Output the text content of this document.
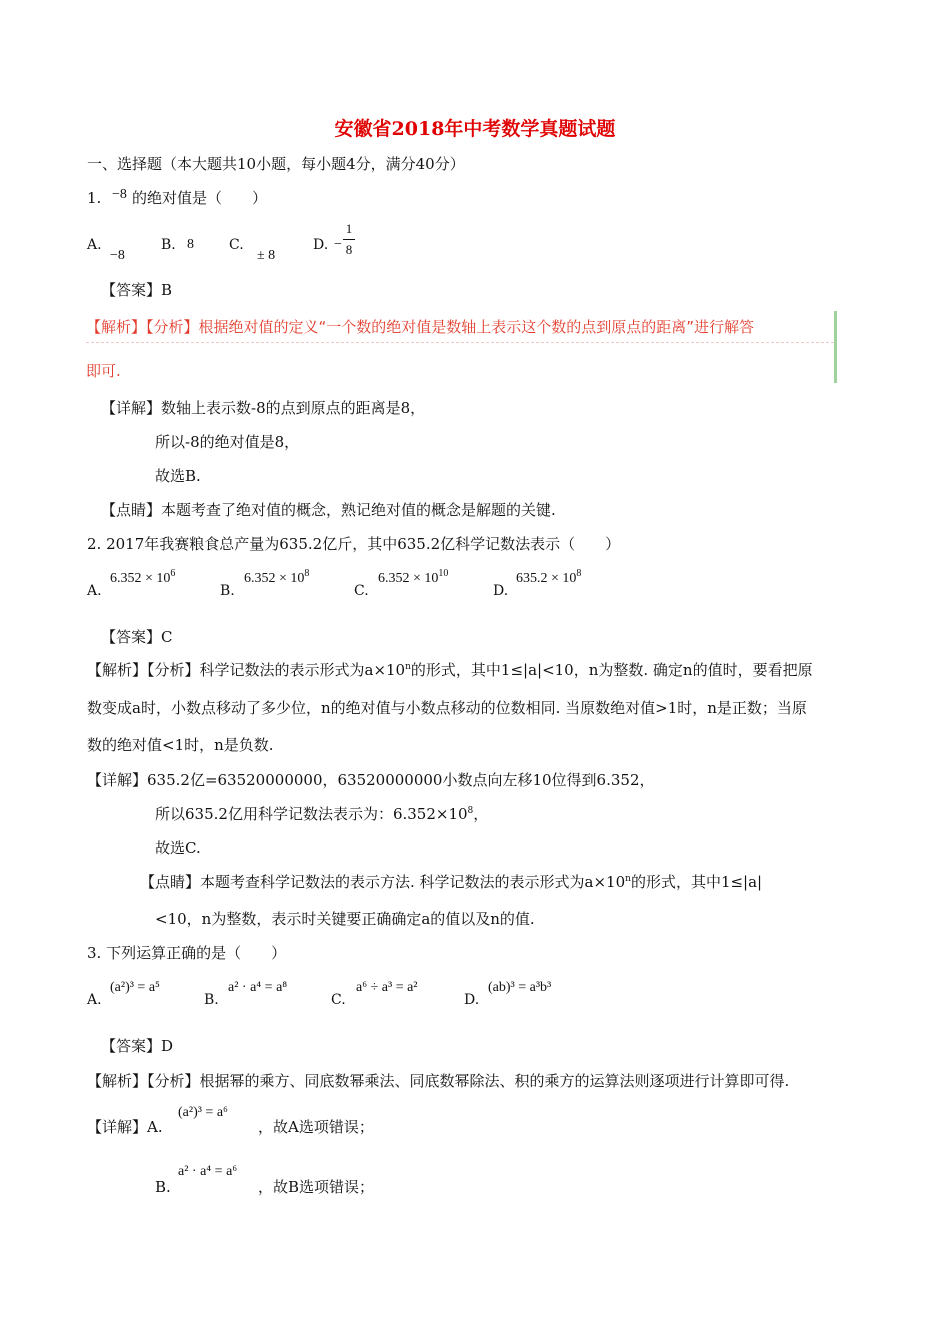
安徽省2018年中考数学真题试题
一、选择题（本大题共10小题，每小题4分，满分40分）
1. −8 的绝对值是（　　）
A.
−8
B. 8	C.
± 8
D. −
1
8
【答案】B
【解析】【分析】根据绝对值的定义“一个数的绝对值是数轴上表示这个数的点到原点的距离”进行解答
即可.
【详解】数轴上表示数-8的点到原点的距离是8，
所以-8的绝对值是8，
故选B.
【点睛】本题考查了绝对值的概念，熟记绝对值的概念是解题的关键.
2. 2017年我赛粮食总产量为635.2亿斤，其中635.2亿科学记数法表示（　　）
A.
$6.352 \times 10^6$
B.
$6.352 \times 10^8$
C.
$6.352 \times 10^{10}$
D.
$635.2 \times 10^8$
【答案】C
【解析】【分析】科学记数法的表示形式为$a\times 10^n$的形式，其中1≤|a|<10，n为整数. 确定n的值时，要看把原
数变成a时，小数点移动了多少位，n的绝对值与小数点移动的位数相同. 当原数绝对值>1时，n是正数；当原
数的绝对值<1时，n是负数.
【详解】635.2亿=63520000000，63520000000小数点向左移10位得到6.352，
所以635.2亿用科学记数法表示为：$6.352\times 10^8$，
故选C.
【点睛】本题考查科学记数法的表示方法. 科学记数法的表示形式为$a\times 10^n$的形式，其中1≤|a|
<10，n为整数，表示时关键要正确确定a的值以及n的值.
3. 下列运算正确的是（　　）
A.
(a²)³ = a⁵
B.
a² · a⁴ = a⁸
C.
a⁶ ÷ a³ = a²
D.
(ab)³ = a³b³
【答案】D
【解析】【分析】根据幂的乘方、同底数幂乘法、同底数幂除法、积的乘方的运算法则逐项进行计算即可得.
【详解】A.
(a²)³ = a⁶
，故A选项错误；
B.
a² · a⁴ = a⁶
，故B选项错误；
